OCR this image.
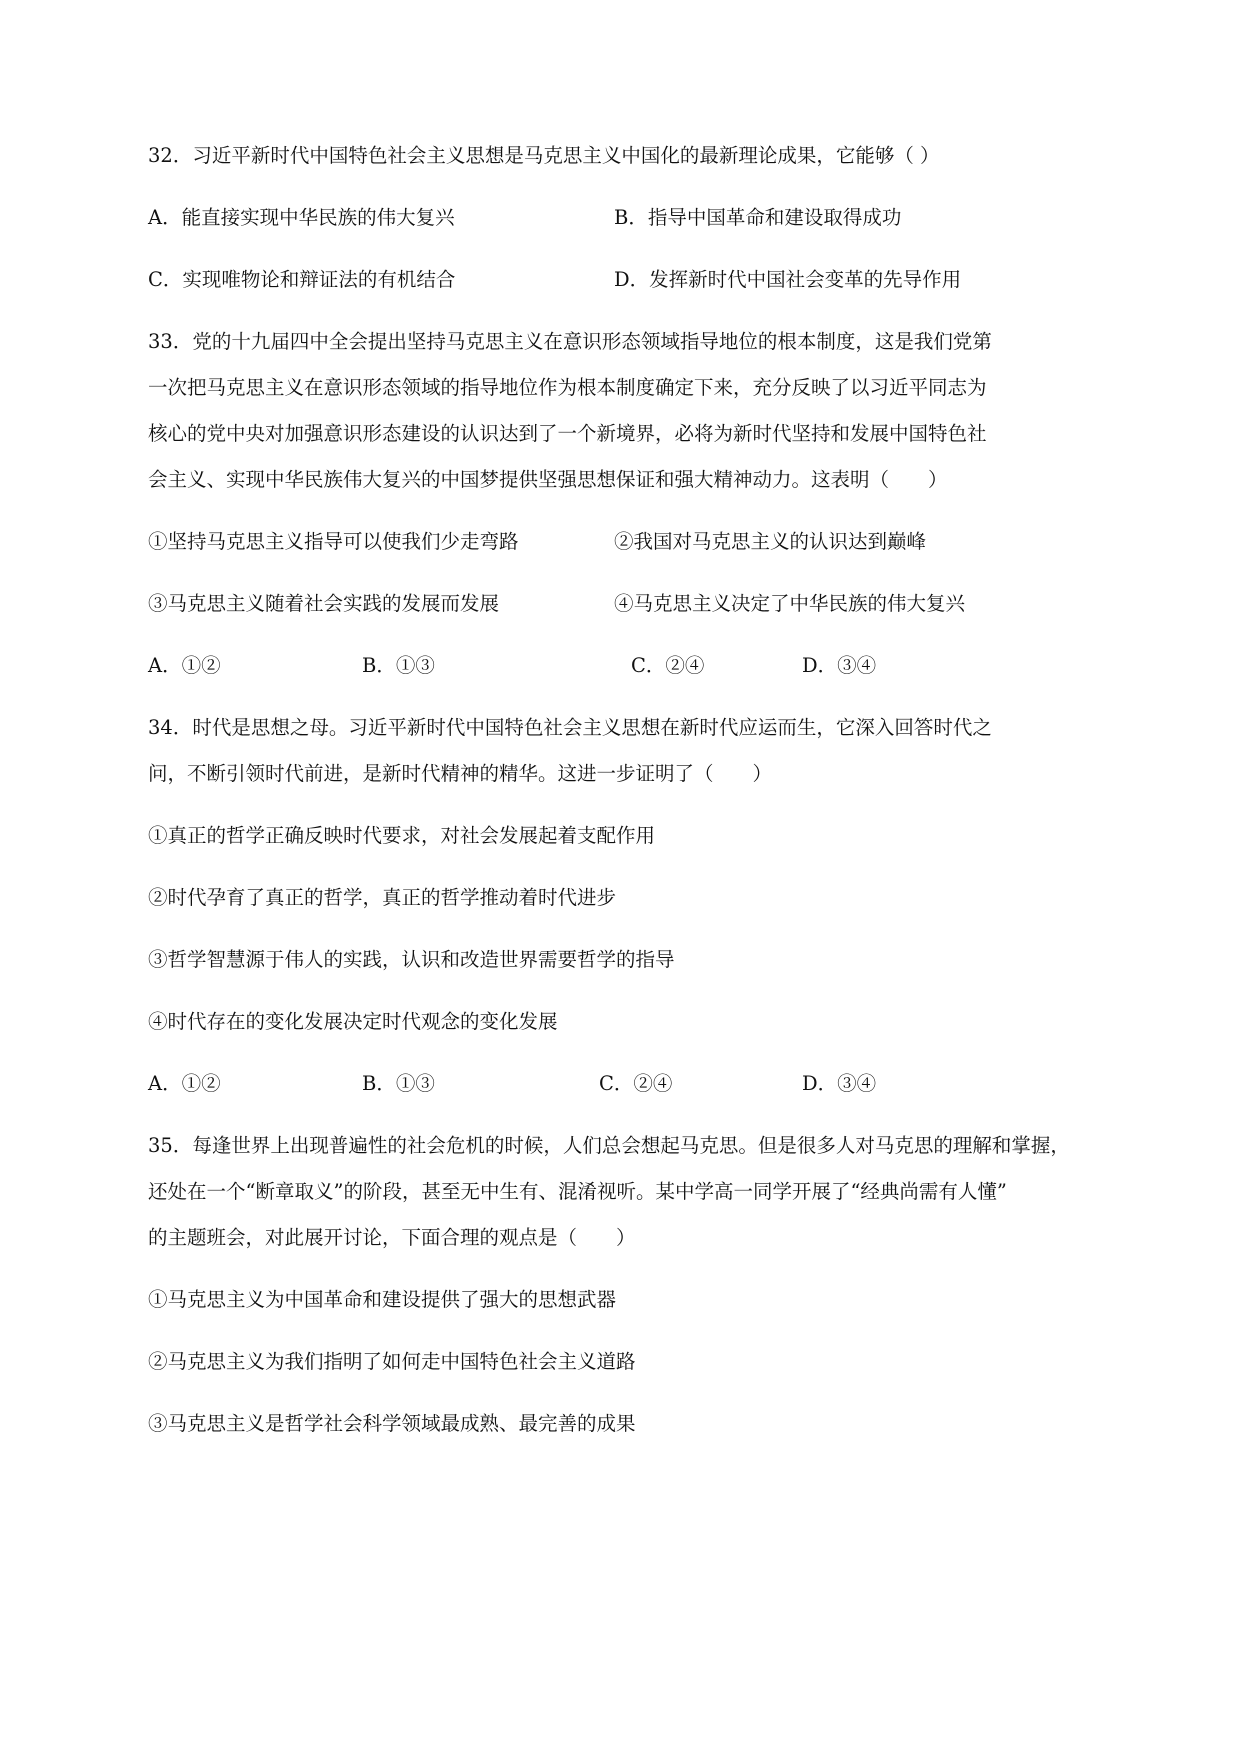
32．习近平新时代中国特色社会主义思想是马克思主义中国化的最新理论成果，它能够（ ）
A．能直接实现中华民族的伟大复兴	B．指导中国革命和建设取得成功
C．实现唯物论和辩证法的有机结合	D．发挥新时代中国社会变革的先导作用
33．党的十九届四中全会提出坚持马克思主义在意识形态领域指导地位的根本制度，这是我们党第
一次把马克思主义在意识形态领域的指导地位作为根本制度确定下来，充分反映了以习近平同志为
核心的党中央对加强意识形态建设的认识达到了一个新境界，必将为新时代坚持和发展中国特色社
会主义、实现中华民族伟大复兴的中国梦提供坚强思想保证和强大精神动力。这表明（　　）
①坚持马克思主义指导可以使我们少走弯路	②我国对马克思主义的认识达到巅峰
③马克思主义随着社会实践的发展而发展	④马克思主义决定了中华民族的伟大复兴
A．①②	B．①③	C．②④	D．③④
34．时代是思想之母。习近平新时代中国特色社会主义思想在新时代应运而生，它深入回答时代之
问，不断引领时代前进，是新时代精神的精华。这进一步证明了（　　）
①真正的哲学正确反映时代要求，对社会发展起着支配作用
②时代孕育了真正的哲学，真正的哲学推动着时代进步
③哲学智慧源于伟人的实践，认识和改造世界需要哲学的指导
④时代存在的变化发展决定时代观念的变化发展
A．①②	B．①③	C．②④	D．③④
35．每逢世界上出现普遍性的社会危机的时候，人们总会想起马克思。但是很多人对马克思的理解和掌握，
还处在一个“断章取义”的阶段，甚至无中生有、混淆视听。某中学高一同学开展了“经典尚需有人懂”
的主题班会，对此展开讨论，下面合理的观点是（　　）
①马克思主义为中国革命和建设提供了强大的思想武器
②马克思主义为我们指明了如何走中国特色社会主义道路
③马克思主义是哲学社会科学领域最成熟、最完善的成果
